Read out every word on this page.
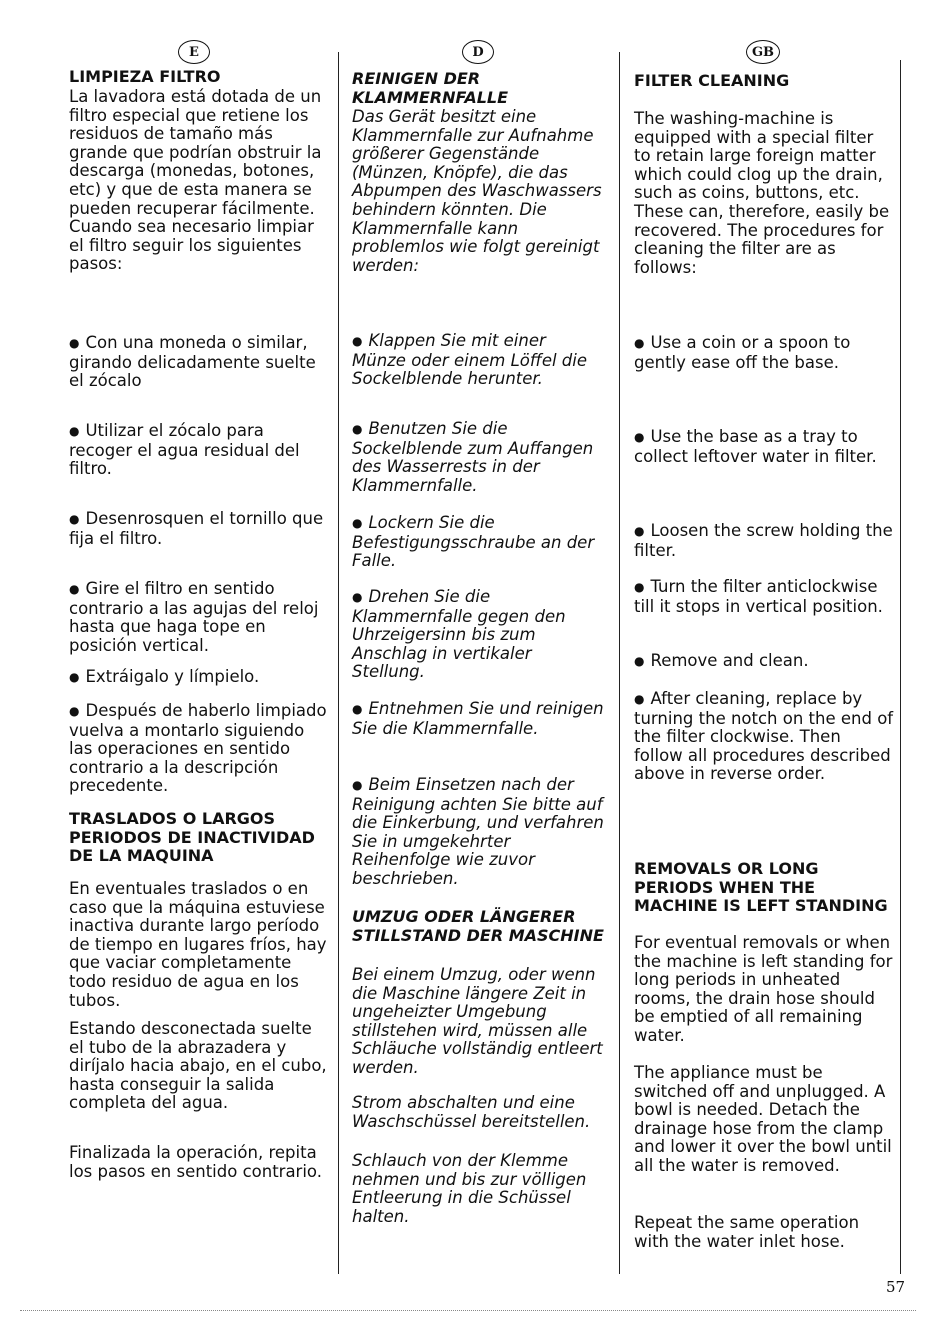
E	D	GB
LIMPIEZA FILTRO
La lavadora está dotada de un filtro especial que retiene los residuos de tamaño más grande que podrían obstruir la descarga (monedas, botones, etc) y que de esta manera se pueden recuperar fácilmente. Cuando sea necesario limpiar el filtro seguir los siguientes pasos:
● Con una moneda o similar, girando delicadamente suelte el zócalo
● Utilizar el zócalo para recoger el agua residual del filtro.
● Desenrosquen el tornillo que fija el filtro.
● Gire el filtro en sentido contrario a las agujas del reloj hasta que haga tope en posición vertical.
● Extráigalo y límpielo.
● Después de haberlo limpiado vuelva a montarlo siguiendo las operaciones en sentido contrario a la descripción precedente.
TRASLADOS O LARGOS PERIODOS DE INACTIVIDAD DE LA MAQUINA
En eventuales traslados o en caso que la máquina estuviese inactiva durante largo período de tiempo en lugares fríos, hay que vaciar completamente todo residuo de agua en los tubos.
Estando desconectada suelte el tubo de la abrazadera y diríjalo hacia abajo, en el cubo, hasta conseguir la salida completa del agua.
Finalizada la operación, repita los pasos en sentido contrario.
REINIGEN DER KLAMMERNFALLE
Das Gerät besitzt eine Klammernfalle zur Aufnahme größerer Gegenstände (Münzen, Knöpfe), die das Abpumpen des Waschwassers behindern könnten. Die Klammernfalle kann problemlos wie folgt gereinigt werden:
● Klappen Sie mit einer Münze oder einem Löffel die Sockelblende herunter.
● Benutzen Sie die Sockelblende zum Auffangen des Wasserrests in der Klammernfalle.
● Lockern Sie die Befestigungsschraube an der Falle.
● Drehen Sie die Klammernfalle gegen den Uhrzeigersinn bis zum Anschlag in vertikaler Stellung.
● Entnehmen Sie und reinigen Sie die Klammernfalle.
● Beim Einsetzen nach der Reinigung achten Sie bitte auf die Einkerbung, und verfahren Sie in umgekehrter Reihenfolge wie zuvor beschrieben.
UMZUG ODER LÄNGERER STILLSTAND DER MASCHINE
Bei einem Umzug, oder wenn die Maschine längere Zeit in ungeheizter Umgebung stillstehen wird, müssen alle Schläuche vollständig entleert werden.
Strom abschalten und eine Waschschüssel bereitstellen.
Schlauch von der Klemme nehmen und bis zur völligen Entleerung in die Schüssel halten.
FILTER CLEANING
The washing-machine is equipped with a special filter to retain large foreign matter which could clog up the drain, such as coins, buttons, etc. These can, therefore, easily be recovered. The procedures for cleaning the filter are as follows:
● Use a coin or a spoon to gently ease off the base.
● Use the base as a tray to collect leftover water in filter.
● Loosen the screw holding the filter.
● Turn the filter anticlockwise till it stops in vertical position.
● Remove and clean.
● After cleaning, replace by turning the notch on the end of the filter clockwise. Then follow all procedures described above in reverse order.
REMOVALS OR LONG PERIODS WHEN THE MACHINE IS LEFT STANDING
For eventual removals or when the machine is left standing for long periods in unheated rooms, the drain hose should be emptied of all remaining water.
The appliance must be switched off and unplugged. A bowl is needed. Detach the drainage hose from the clamp and lower it over the bowl until all the water is removed.
Repeat the same operation with the water inlet hose.
57
